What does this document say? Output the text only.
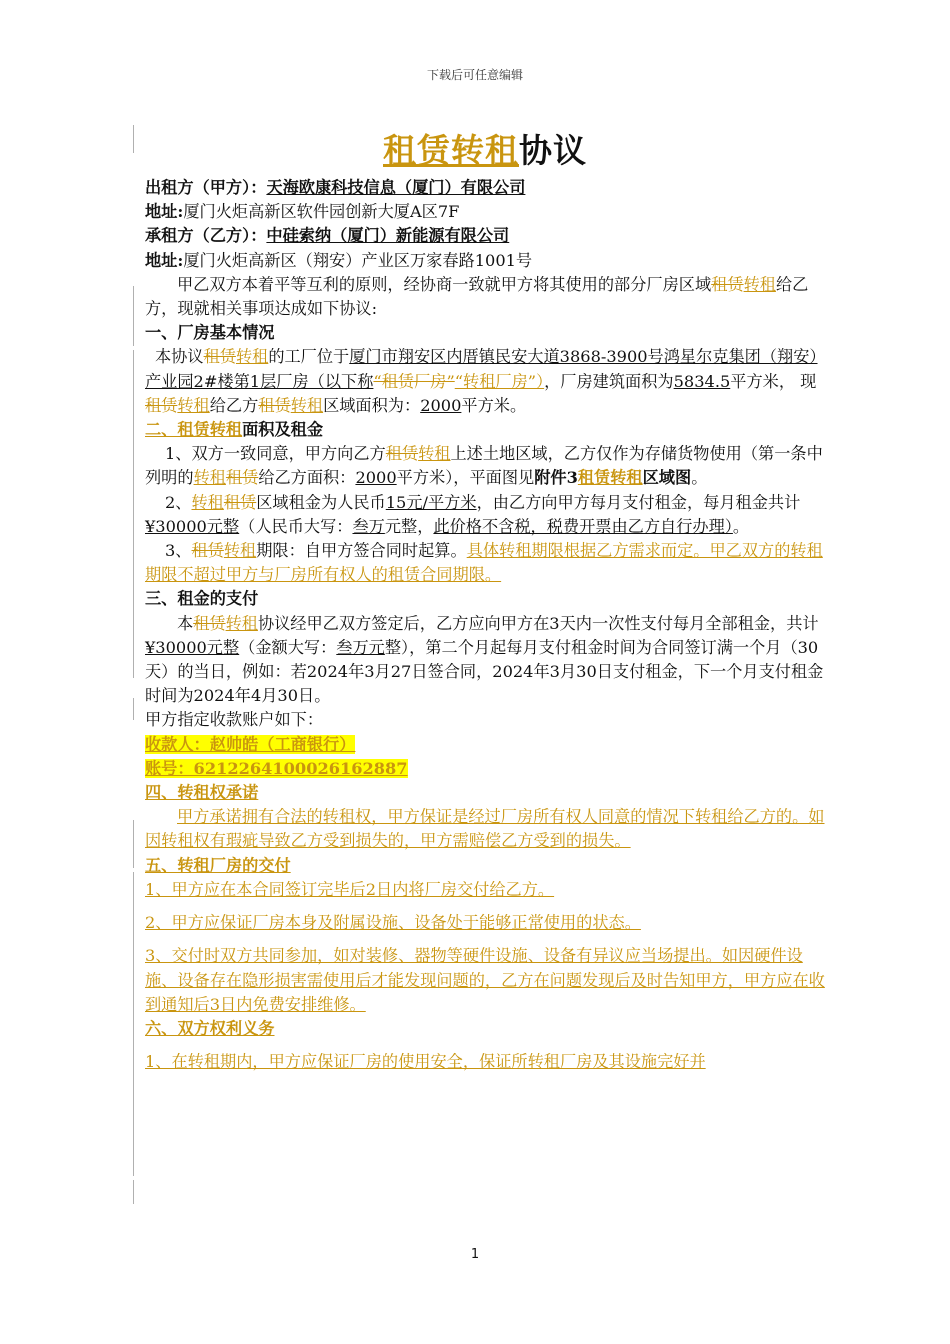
下载后可任意编辑
租赁转租协议

出租方（甲方）：天海欧康科技信息（厦门）有限公司

地址:厦门火炬高新区软件园创新大厦A区7F

承租方（乙方）：中硅索纳（厦门）新能源有限公司

地址:厦门火炬高新区（翔安）产业区万家春路1001号

甲乙双方本着平等互利的原则，经协商一致就甲方将其使用的部分厂房区域租赁转租给乙方，现就相关事项达成如下协议:

一、厂房基本情况

本协议租赁转租的工厂位于厦门市翔安区内厝镇民安大道3868-3900号鸿星尔克集团（翔安）产业园2#楼第1层厂房（以下称“租赁厂房”“转租厂房”），厂房建筑面积为5834.5平方米， 现租赁转租给乙方租赁转租区域面积为：2000平方米。

二、租赁转租面积及租金

1、双方一致同意，甲方向乙方租赁转租上述土地区域，乙方仅作为存储货物使用（第一条中列明的转租租赁给乙方面积：2000平方米），平面图见附件3租赁转租区域图。

2、转租租赁区域租金为人民币15元/平方米，由乙方向甲方每月支付租金，每月租金共计¥30000元整（人民币大写：叁万元整，此价格不含税，税费开票由乙方自行办理）。

3、租赁转租期限：自甲方签合同时起算。具体转租期限根据乙方需求而定。甲乙双方的转租期限不超过甲方与厂房所有权人的租赁合同期限。

三、租金的支付

本租赁转租协议经甲乙双方签定后，乙方应向甲方在3天内一次性支付每月全部租金，共计¥30000元整（金额大写：叁万元整），第二个月起每月支付租金时间为合同签订满一个月（30天）的当日，例如：若2024年3月27日签合同，2024年3月30日支付租金，下一个月支付租金时间为2024年4月30日。

甲方指定收款账户如下：

收款人：赵帅皓（工商银行）

账号：6212264100026162887

四、转租权承诺

甲方承诺拥有合法的转租权，甲方保证是经过厂房所有权人同意的情况下转租给乙方的。如因转租权有瑕疵导致乙方受到损失的，甲方需赔偿乙方受到的损失。

五、转租厂房的交付

1、甲方应在本合同签订完毕后2日内将厂房交付给乙方。

2、甲方应保证厂房本身及附属设施、设备处于能够正常使用的状态。

3、交付时双方共同参加，如对装修、器物等硬件设施、设备有异议应当场提出。如因硬件设施、设备存在隐形损害需使用后才能发现问题的，乙方在问题发现后及时告知甲方，甲方应在收到通知后3日内免费安排维修。

六、双方权利义务

1、在转租期内，甲方应保证厂房的使用安全，保证所转租厂房及其设施完好并

1
